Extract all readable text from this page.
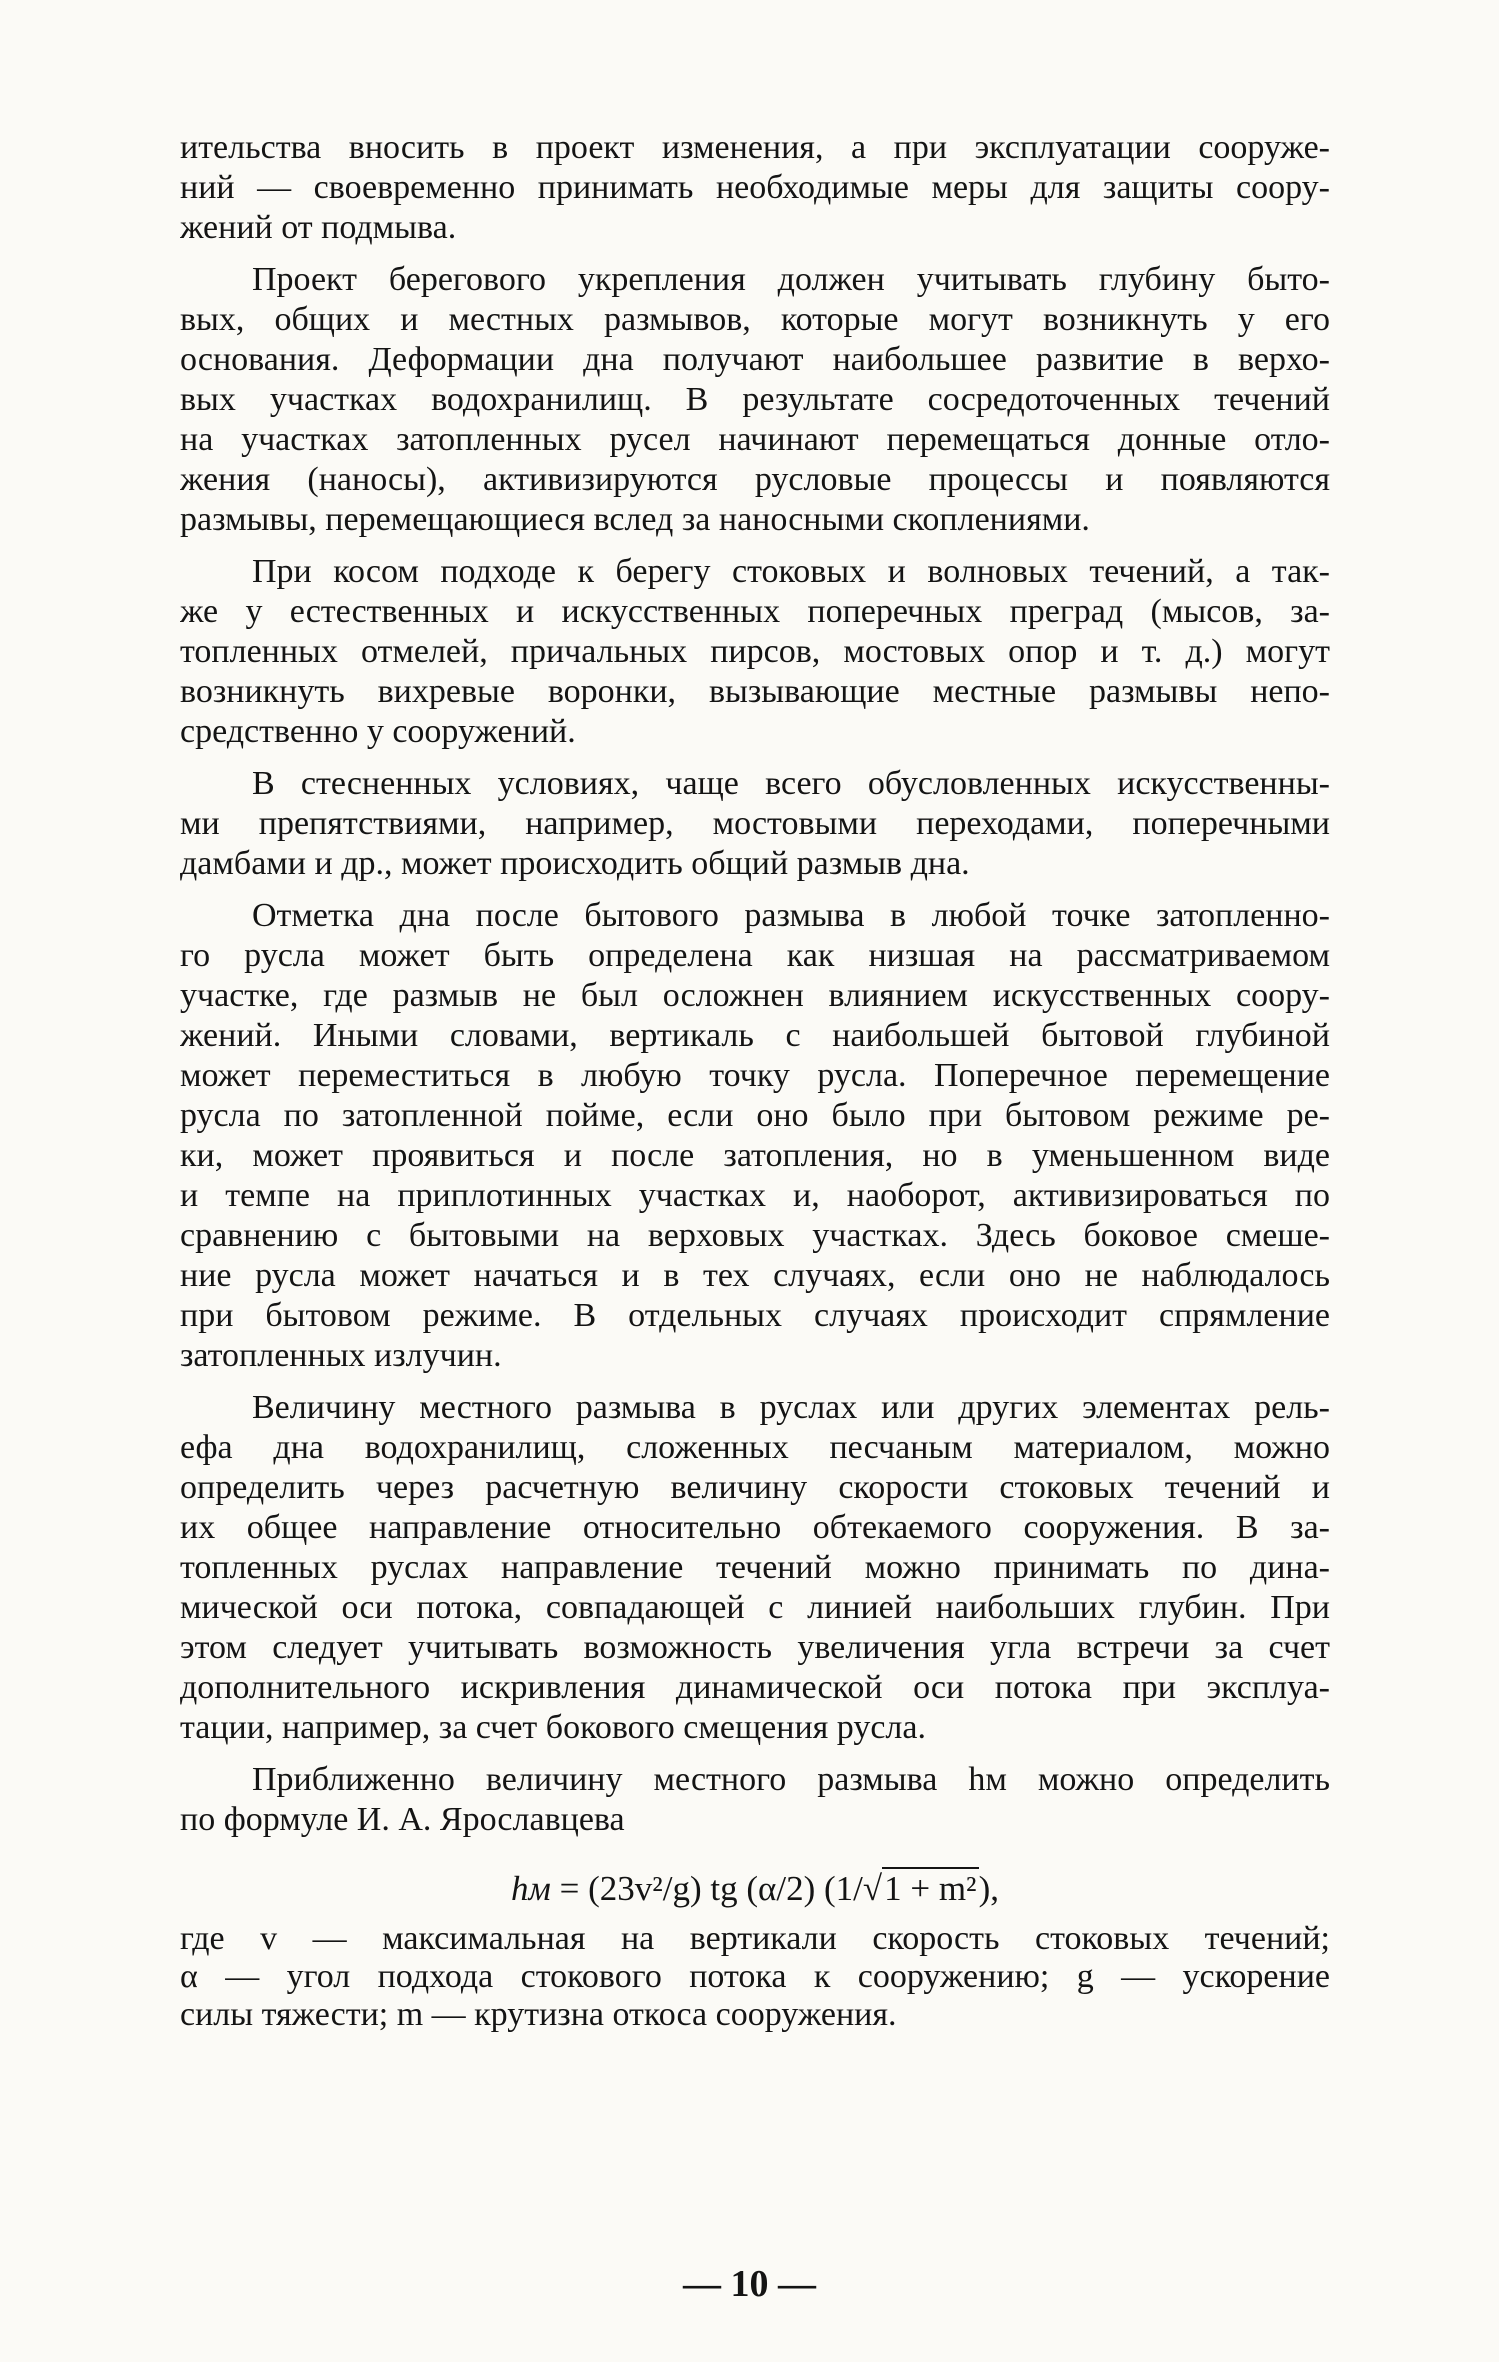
ительства вносить в проект изменения, а при эксплуатации сооруже-
ний — своевременно принимать необходимые меры для защиты соору-
жений от подмыва.
Проект берегового укрепления должен учитывать глубину быто-
вых, общих и местных размывов, которые могут возникнуть у его
основания. Деформации дна получают наибольшее развитие в верхо-
вых участках водохранилищ. В результате сосредоточенных течений
на участках затопленных русел начинают перемещаться донные отло-
жения (наносы), активизируются русловые процессы и появляются
размывы, перемещающиеся вслед за наносными скоплениями.
При косом подходе к берегу стоковых и волновых течений, а так-
же у естественных и искусственных поперечных преград (мысов, за-
топленных отмелей, причальных пирсов, мостовых опор и т. д.) могут
возникнуть вихревые воронки, вызывающие местные размывы непо-
средственно у сооружений.
В стесненных условиях, чаще всего обусловленных искусственны-
ми препятствиями, например, мостовыми переходами, поперечными
дамбами и др., может происходить общий размыв дна.
Отметка дна после бытового размыва в любой точке затопленно-
го русла может быть определена как низшая на рассматриваемом
участке, где размыв не был осложнен влиянием искусственных соору-
жений. Иными словами, вертикаль с наибольшей бытовой глубиной
может переместиться в любую точку русла. Поперечное перемещение
русла по затопленной пойме, если оно было при бытовом режиме ре-
ки, может проявиться и после затопления, но в уменьшенном виде
и темпе на приплотинных участках и, наоборот, активизироваться по
сравнению с бытовыми на верховых участках. Здесь боковое смеше-
ние русла может начаться и в тех случаях, если оно не наблюдалось
при бытовом режиме. В отдельных случаях происходит спрямление
затопленных излучин.
Величину местного размыва в руслах или других элементах рель-
ефа дна водохранилищ, сложенных песчаным материалом, можно
определить через расчетную величину скорости стоковых течений и
их общее направление относительно обтекаемого сооружения. В за-
топленных руслах направление течений можно принимать по дина-
мической оси потока, совпадающей с линией наибольших глубин. При
этом следует учитывать возможность увеличения угла встречи за счет
дополнительного искривления динамической оси потока при эксплуа-
тации, например, за счет бокового смещения русла.
Приближенно величину местного размыва hм можно определить
по формуле И. А. Ярославцева
hм = (23v²/g) tg (α/2) (1/√1 + m²),
где v — максимальная на вертикали скорость стоковых течений;
α — угол подхода стокового потока к сооружению; g — ускорение
силы тяжести; m — крутизна откоса сооружения.
— 10 —
